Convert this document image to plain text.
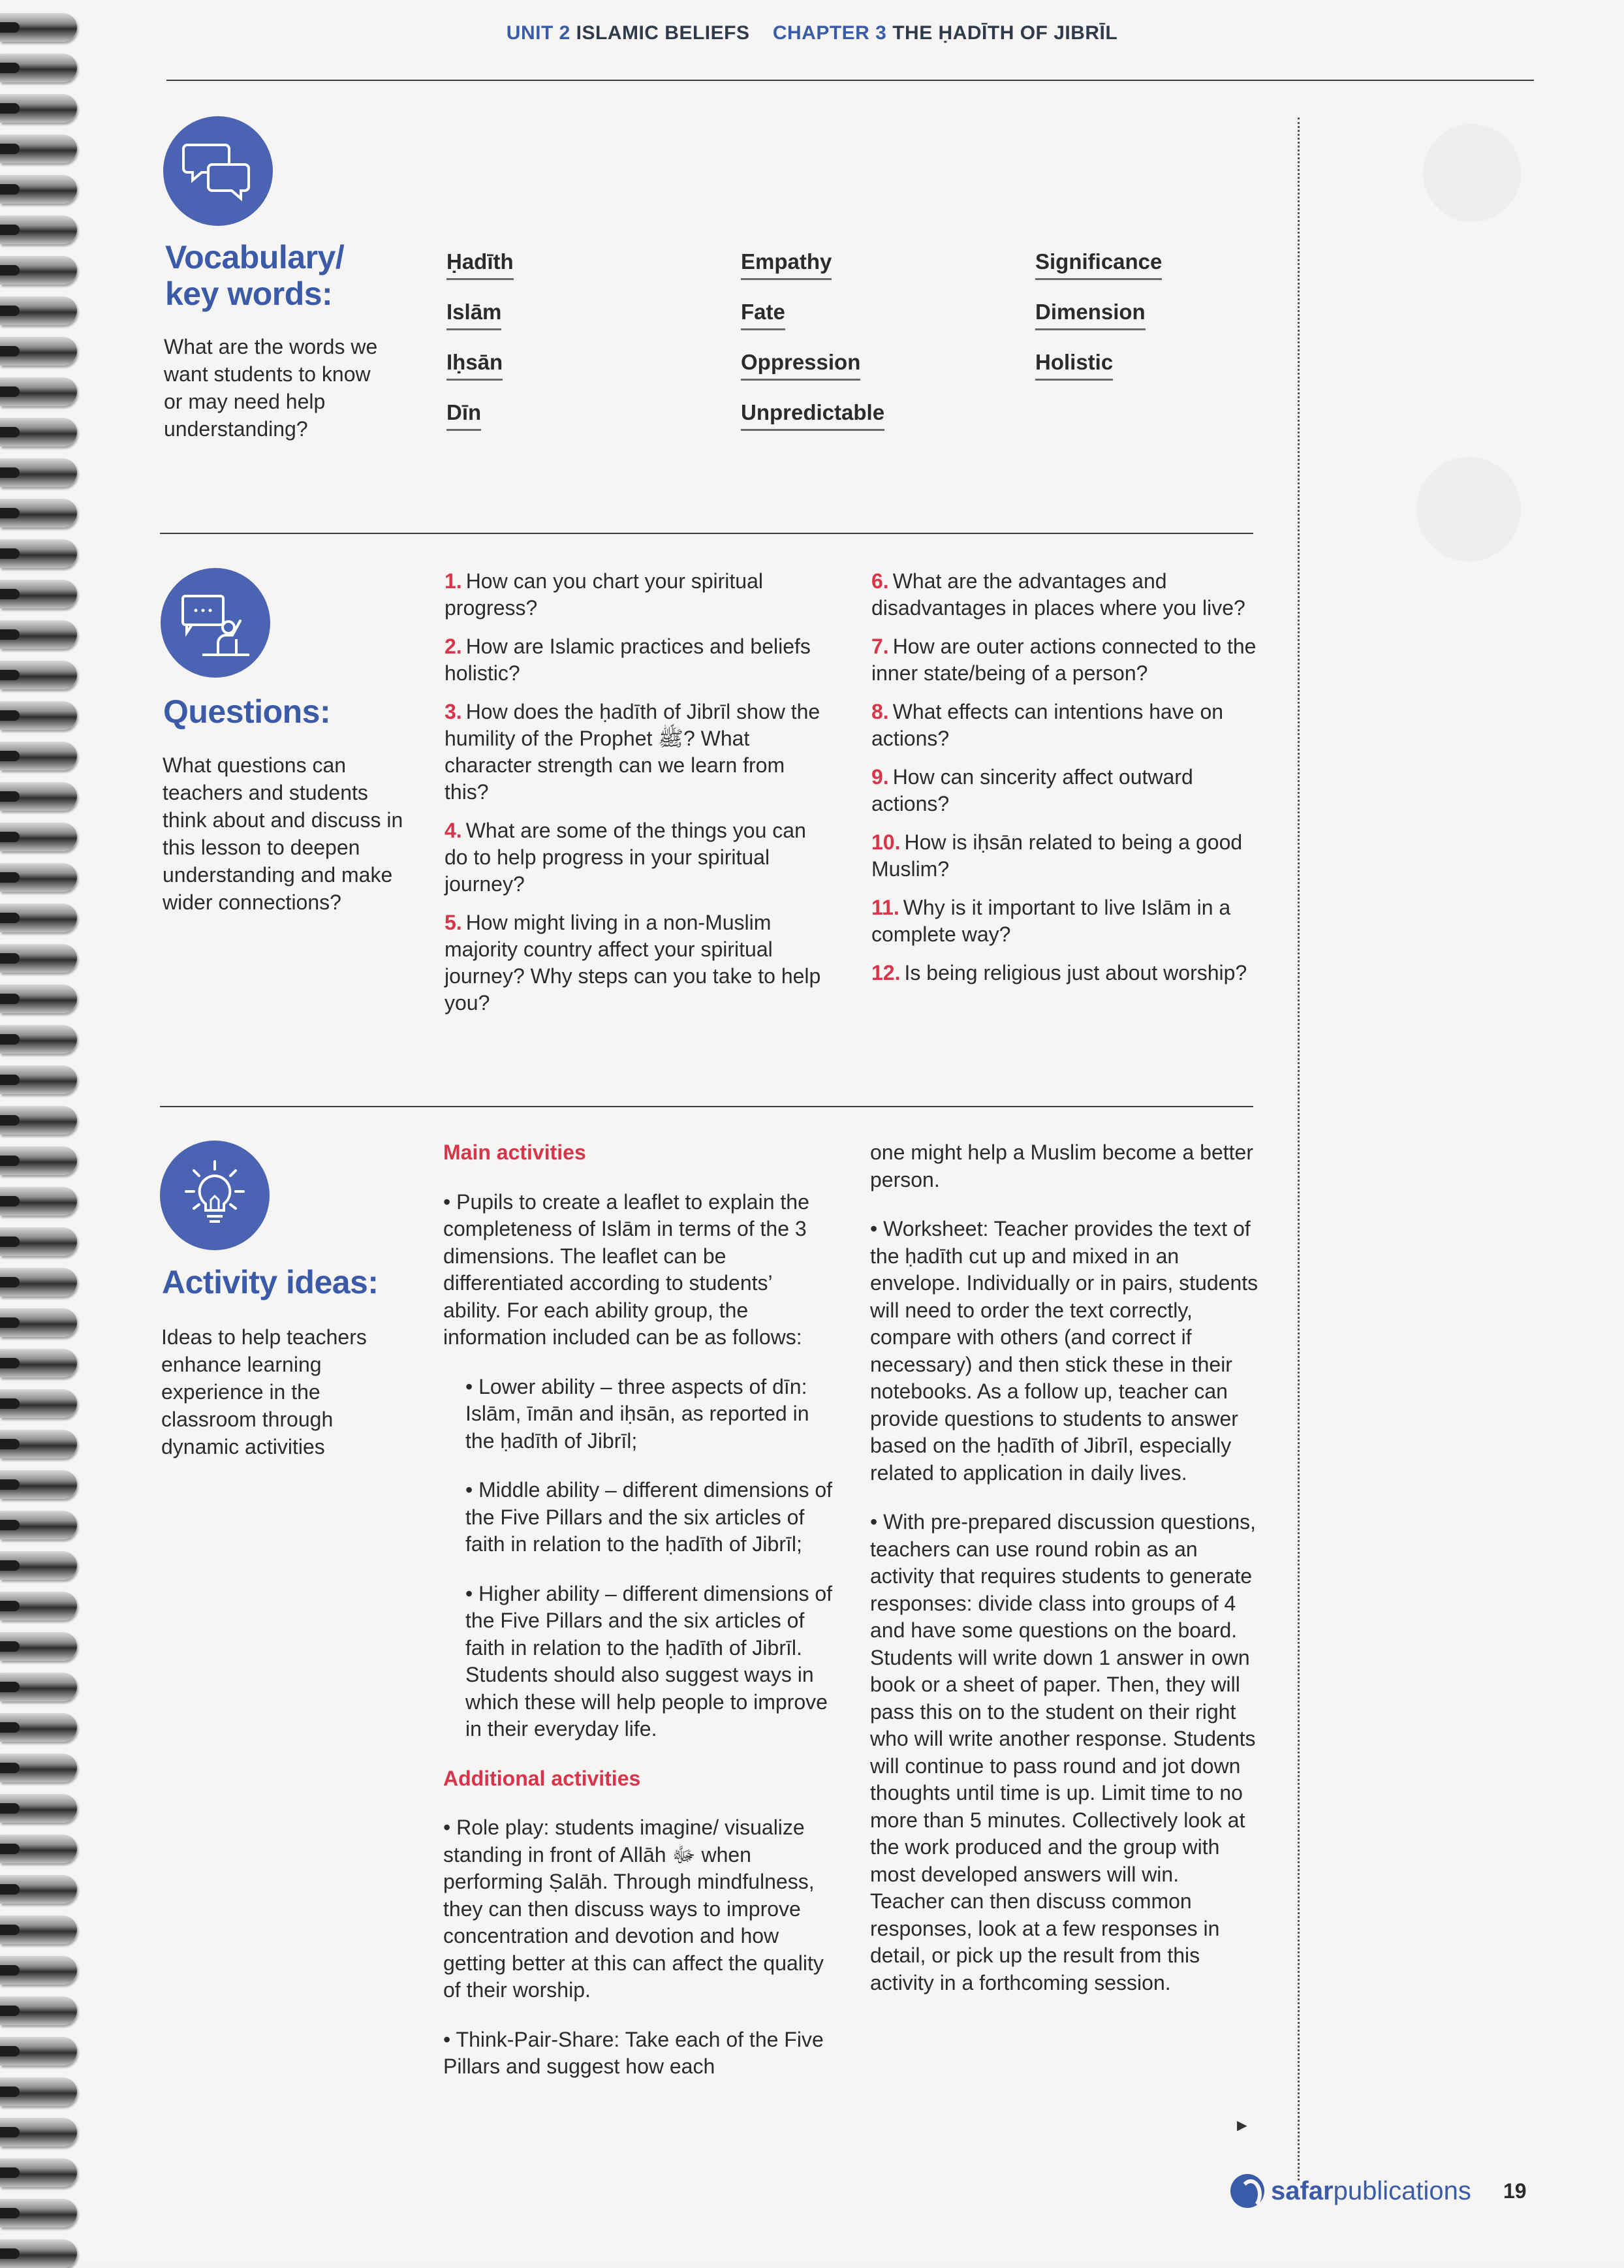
UNIT 2 ISLAMIC BELIEFS CHAPTER 3 THE ḤADĪTH OF JIBRĪL
Vocabulary/
key words:
What are the words we want students to know or may need help understanding?
Ḥadīth
Islām
Iḥsān
Dīn
Empathy
Fate
Oppression
Unpredictable
Significance
Dimension
Holistic
Questions:
What questions can teachers and students think about and discuss in this lesson to deepen understanding and make wider connections?
1. How can you chart your spiritual progress?
2. How are Islamic practices and beliefs holistic?
3. How does the ḥadīth of Jibrīl show the humility of the Prophet ﷺ? What character strength can we learn from this?
4. What are some of the things you can do to help progress in your spiritual journey?
5. How might living in a non-Muslim majority country affect your spiritual journey? Why steps can you take to help you?
6. What are the advantages and disadvantages in places where you live?
7. How are outer actions connected to the inner state/being of a person?
8. What effects can intentions have on actions?
9. How can sincerity affect outward actions?
10. How is iḥsān related to being a good Muslim?
11. Why is it important to live Islām in a complete way?
12. Is being religious just about worship?
Activity ideas:
Ideas to help teachers enhance learning experience in the classroom through dynamic activities
Main activities
• Pupils to create a leaflet to explain the completeness of Islām in terms of the 3 dimensions. The leaflet can be differentiated according to students’ ability. For each ability group, the information included can be as follows:
• Lower ability – three aspects of dīn: Islām, īmān and iḥsān, as reported in the ḥadīth of Jibrīl;
• Middle ability – different dimensions of the Five Pillars and the six articles of faith in relation to the ḥadīth of Jibrīl;
• Higher ability – different dimensions of the Five Pillars and the six articles of faith in relation to the ḥadīth of Jibrīl. Students should also suggest ways in which these will help people to improve in their everyday life.
Additional activities
• Role play: students imagine/ visualize standing in front of Allāh ﷻ when performing Ṣalāh. Through mindfulness, they can then discuss ways to improve concentration and devotion and how getting better at this can affect the quality of their worship.
• Think-Pair-Share: Take each of the Five Pillars and suggest how each
one might help a Muslim become a better person.
• Worksheet: Teacher provides the text of the ḥadīth cut up and mixed in an envelope. Individually or in pairs, students will need to order the text correctly, compare with others (and correct if necessary) and then stick these in their notebooks. As a follow up, teacher can provide questions to students to answer based on the ḥadīth of Jibrīl, especially related to application in daily lives.
• With pre-prepared discussion questions, teachers can use round robin as an activity that requires students to generate responses: divide class into groups of 4 and have some questions on the board. Students will write down 1 answer in own book or a sheet of paper. Then, they will pass this on to the student on their right who will write another response. Students will continue to pass round and jot down thoughts until time is up. Limit time to no more than 5 minutes. Collectively look at the work produced and the group with most developed answers will win. Teacher can then discuss common responses, look at a few responses in detail, or pick up the result from this activity in a forthcoming session.
►
safarpublications 19
